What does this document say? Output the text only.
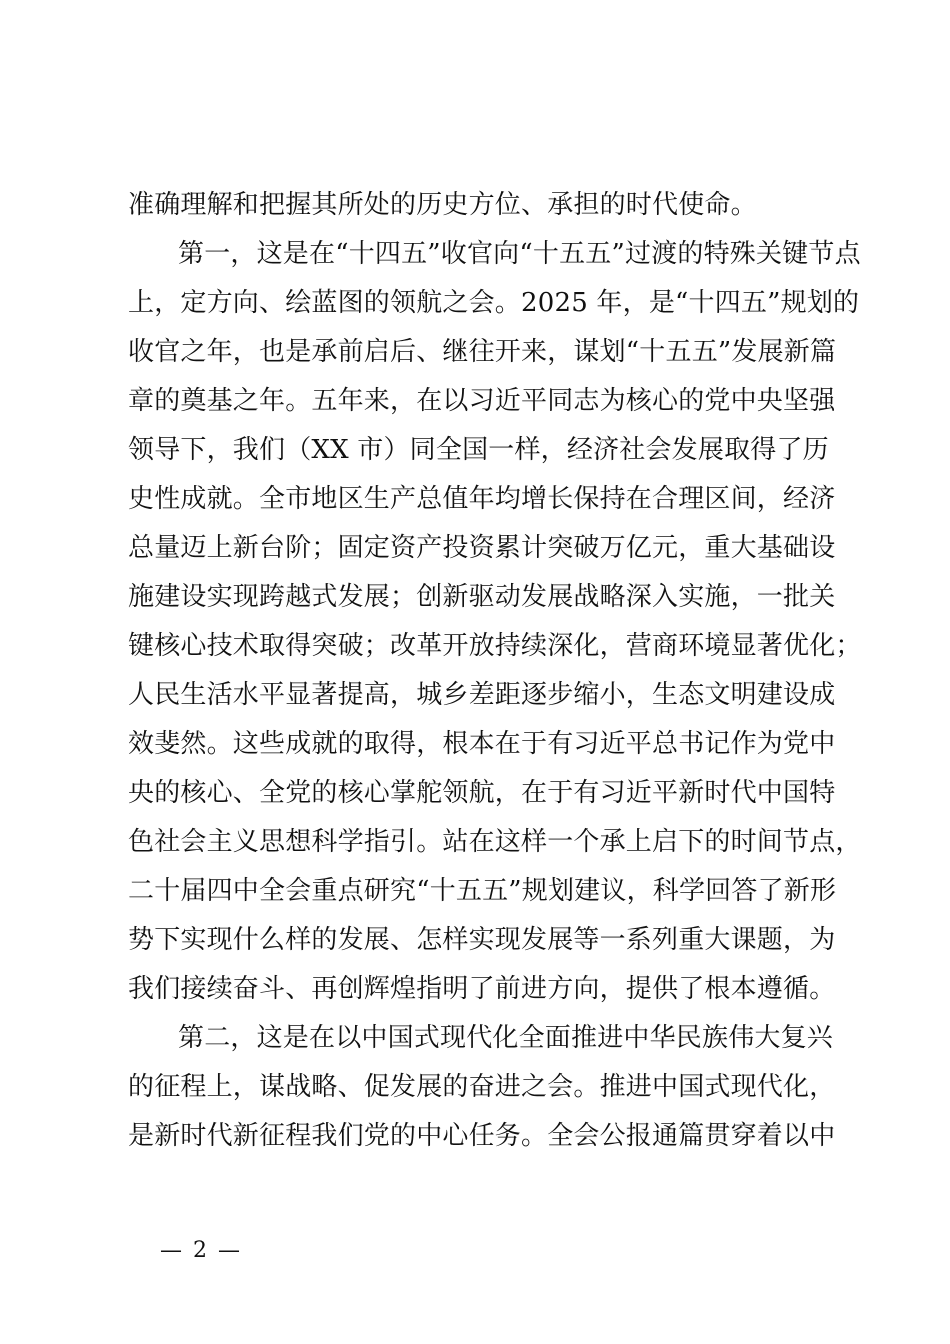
准确理解和把握其所处的历史方位、承担的时代使命。
第一，这是在“十四五”收官向“十五五”过渡的特殊关键节点
上，定方向、绘蓝图的领航之会。2025 年，是“十四五”规划的
收官之年，也是承前启后、继往开来，谋划“十五五”发展新篇
章的奠基之年。五年来，在以习近平同志为核心的党中央坚强
领导下，我们（XX 市）同全国一样，经济社会发展取得了历
史性成就。全市地区生产总值年均增长保持在合理区间，经济
总量迈上新台阶；固定资产投资累计突破万亿元，重大基础设
施建设实现跨越式发展；创新驱动发展战略深入实施，一批关
键核心技术取得突破；改革开放持续深化，营商环境显著优化；
人民生活水平显著提高，城乡差距逐步缩小，生态文明建设成
效斐然。这些成就的取得，根本在于有习近平总书记作为党中
央的核心、全党的核心掌舵领航，在于有习近平新时代中国特
色社会主义思想科学指引。站在这样一个承上启下的时间节点，
二十届四中全会重点研究“十五五”规划建议，科学回答了新形
势下实现什么样的发展、怎样实现发展等一系列重大课题，为
我们接续奋斗、再创辉煌指明了前进方向，提供了根本遵循。
第二，这是在以中国式现代化全面推进中华民族伟大复兴
的征程上，谋战略、促发展的奋进之会。推进中国式现代化，
是新时代新征程我们党的中心任务。全会公报通篇贯穿着以中
— 2 —
